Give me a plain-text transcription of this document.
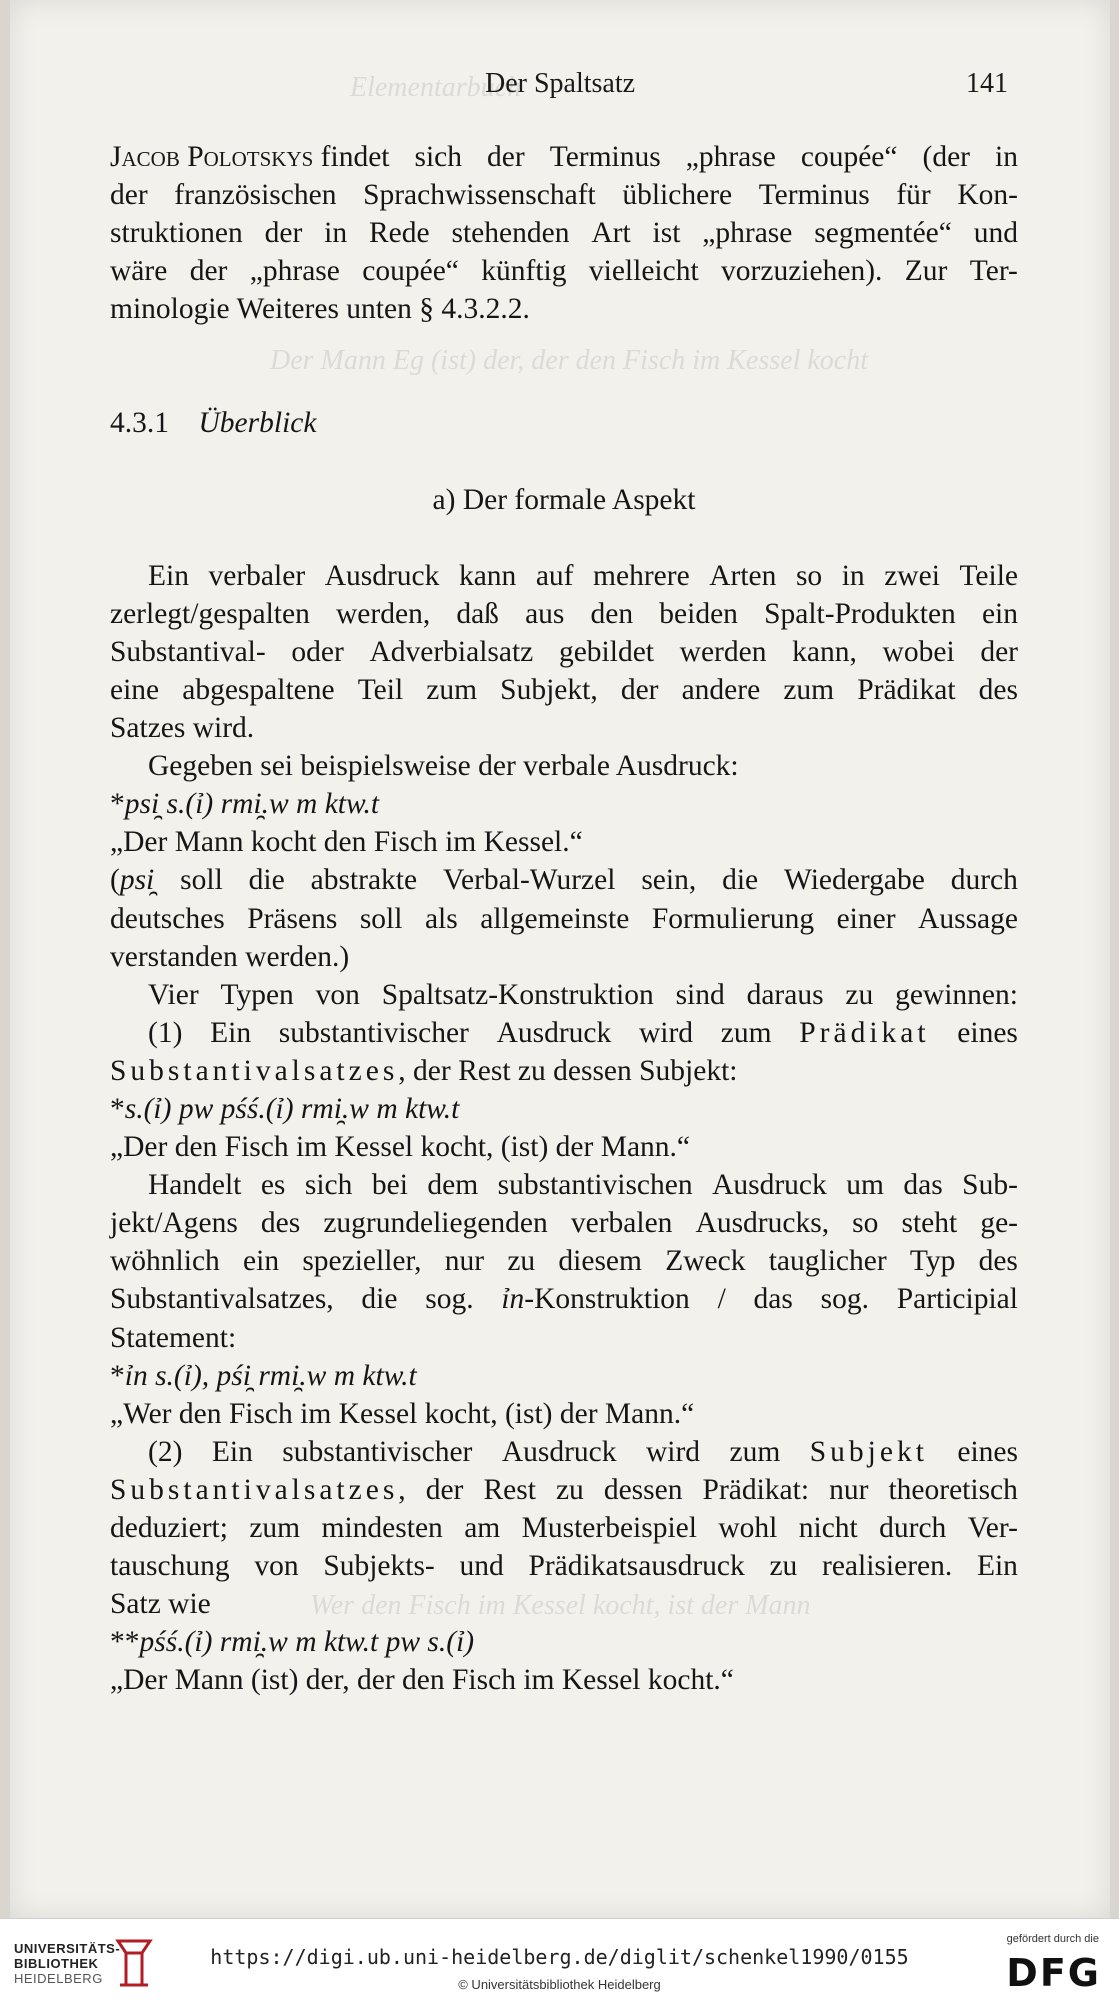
Elementarbuch
Der Mann Eg (ist) der, der den Fisch im Kessel kocht
Wer den Fisch im Kessel kocht, ist der Mann
Der Spaltsatz	141
Jacob Polotskys findet sich der Terminus „phrase coupée“ (der in
der französischen Sprachwissenschaft üblichere Terminus für Kon-
struktionen der in Rede stehenden Art ist „phrase segmentée“ und
wäre der „phrase coupée“ künftig vielleicht vorzuziehen). Zur Ter-
minologie Weiteres unten § 4.3.2.2.
4.3.1
Überblick
a) Der formale Aspekt
Ein verbaler Ausdruck kann auf mehrere Arten so in zwei Teile
zerlegt/gespalten werden, daß aus den beiden Spalt-Produkten ein
Substantival- oder Adverbialsatz gebildet werden kann, wobei der
eine abgespaltene Teil zum Subjekt, der andere zum Prädikat des
Satzes wird.
Gegeben sei beispielsweise der verbale Ausdruck:
*psi̯ s.(ỉ) rmi̯.w m ktw.t
„Der Mann kocht den Fisch im Kessel.“
(psi̯ soll die abstrakte Verbal-Wurzel sein, die Wiedergabe durch
deutsches Präsens soll als allgemeinste Formulierung einer Aussage
verstanden werden.)
Vier Typen von Spaltsatz-Konstruktion sind daraus zu gewinnen:
(1) Ein substantivischer Ausdruck wird zum Prädikat eines
Substantivalsatzes, der Rest zu dessen Subjekt:
*s.(ỉ) pw pśś.(ỉ) rmi̯.w m ktw.t
„Der den Fisch im Kessel kocht, (ist) der Mann.“
Handelt es sich bei dem substantivischen Ausdruck um das Sub-
jekt/Agens des zugrundeliegenden verbalen Ausdrucks, so steht ge-
wöhnlich ein spezieller, nur zu diesem Zweck tauglicher Typ des
Substantivalsatzes, die sog. ỉn-Konstruktion / das sog. Participial
Statement:
*ỉn s.(ỉ), pśi̯ rmi̯.w m ktw.t
„Wer den Fisch im Kessel kocht, (ist) der Mann.“
(2) Ein substantivischer Ausdruck wird zum Subjekt eines
Substantivalsatzes, der Rest zu dessen Prädikat: nur theoretisch
deduziert; zum mindesten am Musterbeispiel wohl nicht durch Ver-
tauschung von Subjekts- und Prädikatsausdruck zu realisieren. Ein
Satz wie
**pśś.(ỉ) rmi̯.w m ktw.t pw s.(ỉ)
„Der Mann (ist) der, der den Fisch im Kessel kocht.“
UNIVERSITÄTS-
BIBLIOTHEK
HEIDELBERG
https://digi.ub.uni-heidelberg.de/diglit/schenkel1990/0155
© Universitätsbibliothek Heidelberg
gefördert durch die
DFG
